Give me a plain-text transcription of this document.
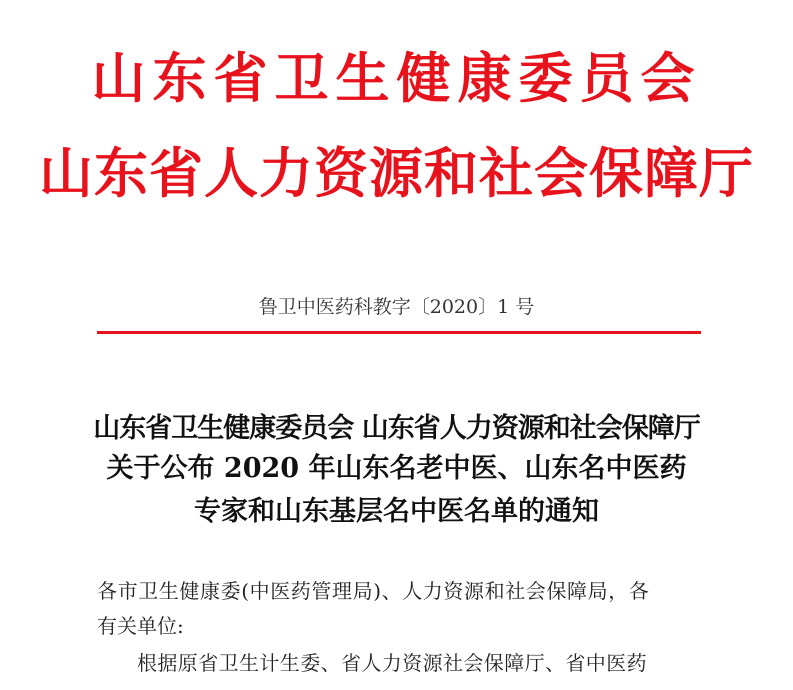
山东省卫生健康委员会
山东省人力资源和社会保障厅
鲁卫中医药科教字〔2020〕1 号
山东省卫生健康委员会 山东省人力资源和社会保障厅
关于公布 2020 年山东名老中医、山东名中医药
专家和山东基层名中医名单的通知
各市卫生健康委(中医药管理局)、人力资源和社会保障局，各
有关单位:
根据原省卫生计生委、省人力资源社会保障厅、省中医药
